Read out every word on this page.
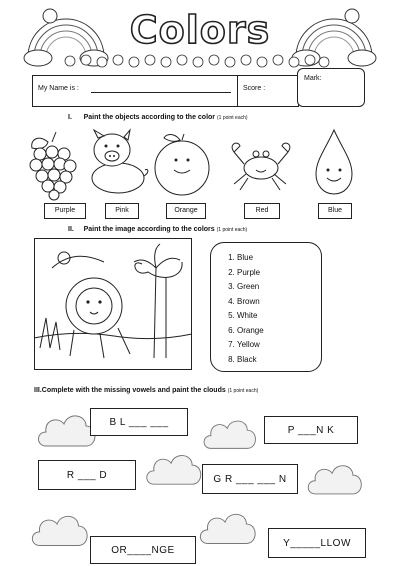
Colors
My Name is :	Score :
Mark:
I. Paint the objects according to the color (1 point each)
Purple	Pink	Orange	Red	Blue
II. Paint the image according to the colors (1 point each)
1. Blue
2. Purple
3. Green
4. Brown
5. White
6. Orange
7. Yellow
8. Black
III.Complete with the missing vowels and paint the clouds (1 point each)
B L ___ ___
P ___N K
R ___ D	G R ___ ___ N
OR____NGE
Y_____LLOW
